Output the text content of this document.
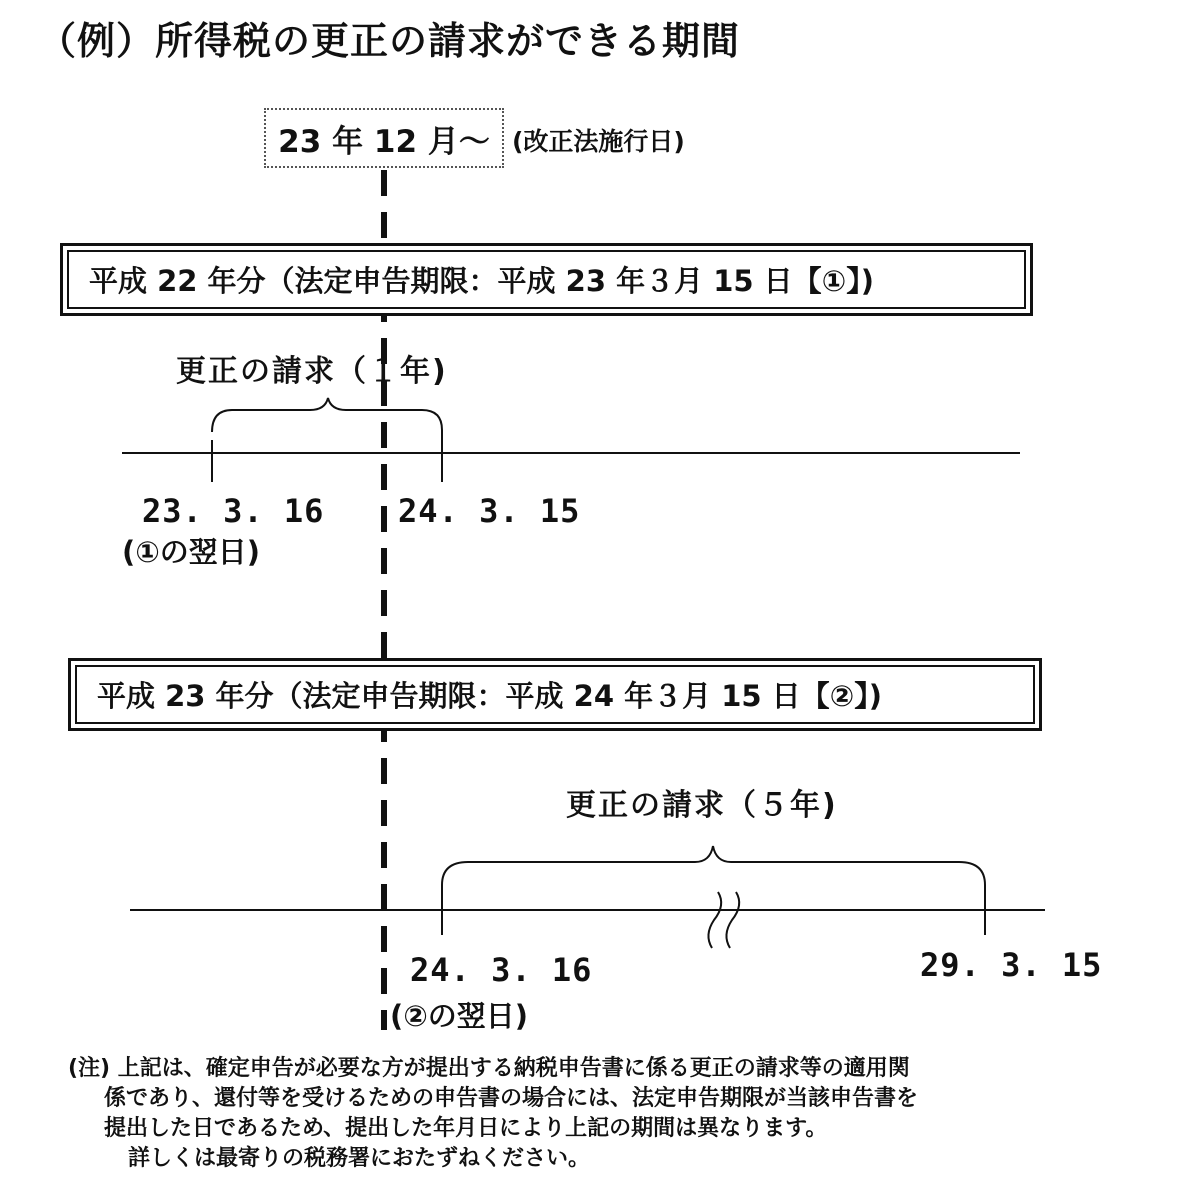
（例）所得税の更正の請求ができる期間
23 年 12 月～ (改正法施行日)
平成 22 年分（法定申告期限：平成 23 年３月 15 日【①】)
更正の請求（１年)
23. 3. 16
(①の翌日)
24. 3. 15
平成 23 年分（法定申告期限：平成 24 年３月 15 日【②】)
更正の請求（５年)
24. 3. 16
(②の翌日)
29. 3. 15
(注) 上記は、確定申告が必要な方が提出する納税申告書に係る更正の請求等の適用関
係であり、還付等を受けるための申告書の場合には、法定申告期限が当該申告書を
提出した日であるため、提出した年月日により上記の期間は異なります。
詳しくは最寄りの税務署におたずねください。
